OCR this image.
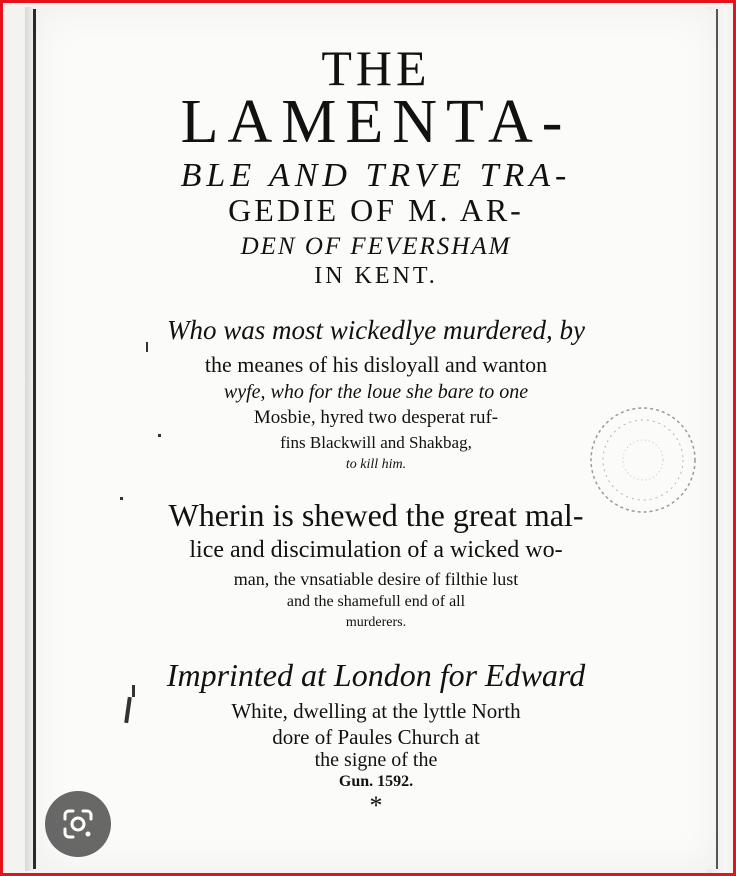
THE
LAMENTA-
BLE AND TRVE TRA-
GEDIE OF M. AR-
DEN OF FEVERSHAM
IN KENT.
Who was most wickedlye murdered, by
the meanes of his disloyall and wanton
wyfe, who for the loue she bare to one
Mosbie, hyred two desperat ruf-
fins Blackwill and Shakbag,
to kill him.
Wherin is shewed the great mal-
lice and discimulation of a wicked wo-
man, the vnsatiable desire of filthie lust
and the shamefull end of all
murderers.
Imprinted at London for Edward
White, dwelling at the lyttle North
dore of Paules Church at
the signe of the
Gun. 1592.
*
